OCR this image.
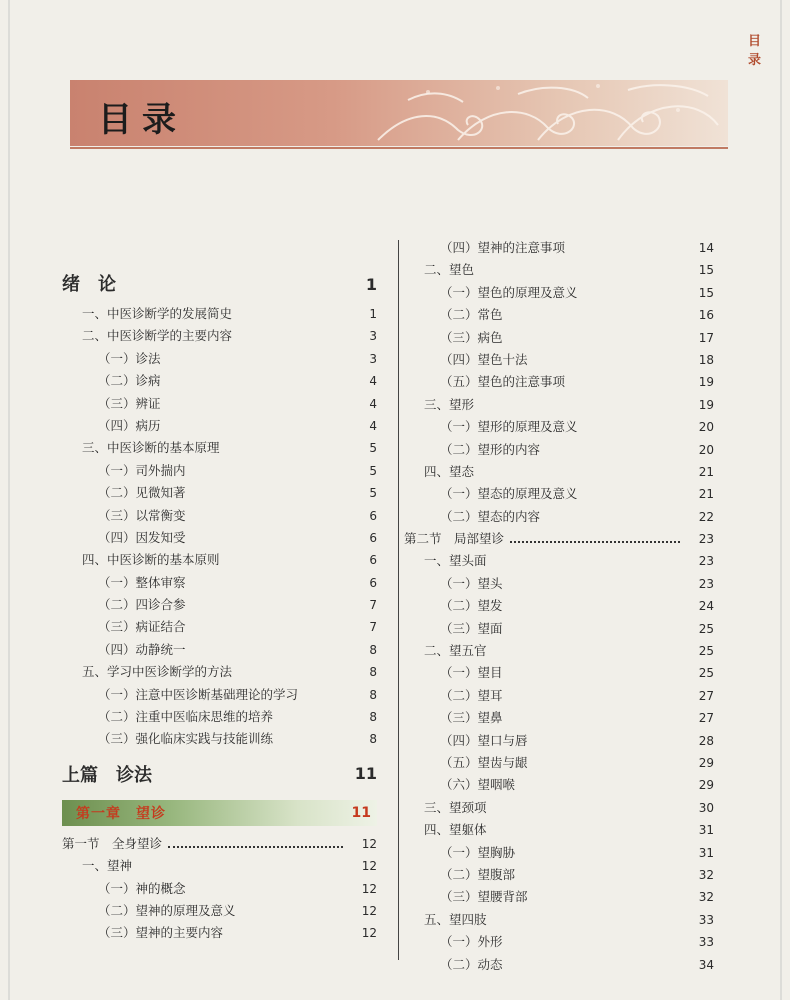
目 录
目录
绪　论	1
一、中医诊断学的发展简史	1
二、中医诊断学的主要内容	3
（一）诊法	3
（二）诊病	4
（三）辨证	4
（四）病历	4
三、中医诊断的基本原理	5
（一）司外揣内	5
（二）见微知著	5
（三）以常衡变	6
（四）因发知受	6
四、中医诊断的基本原则	6
（一）整体审察	6
（二）四诊合参	7
（三）病证结合	7
（四）动静统一	8
五、学习中医诊断学的方法	8
（一）注意中医诊断基础理论的学习	8
（二）注重中医临床思维的培养	8
（三）强化临床实践与技能训练	8
上篇　诊法	11
第一章　望诊	11
第一节　全身望诊	12
一、望神	12
（一）神的概念	12
（二）望神的原理及意义	12
（三）望神的主要内容	12
（四）望神的注意事项	14
二、望色	15
（一）望色的原理及意义	15
（二）常色	16
（三）病色	17
（四）望色十法	18
（五）望色的注意事项	19
三、望形	19
（一）望形的原理及意义	20
（二）望形的内容	20
四、望态	21
（一）望态的原理及意义	21
（二）望态的内容	22
第二节　局部望诊	23
一、望头面	23
（一）望头	23
（二）望发	24
（三）望面	25
二、望五官	25
（一）望目	25
（二）望耳	27
（三）望鼻	27
（四）望口与唇	28
（五）望齿与龈	29
（六）望咽喉	29
三、望颈项	30
四、望躯体	31
（一）望胸胁	31
（二）望腹部	32
（三）望腰背部	32
五、望四肢	33
（一）外形	33
（二）动态	34
